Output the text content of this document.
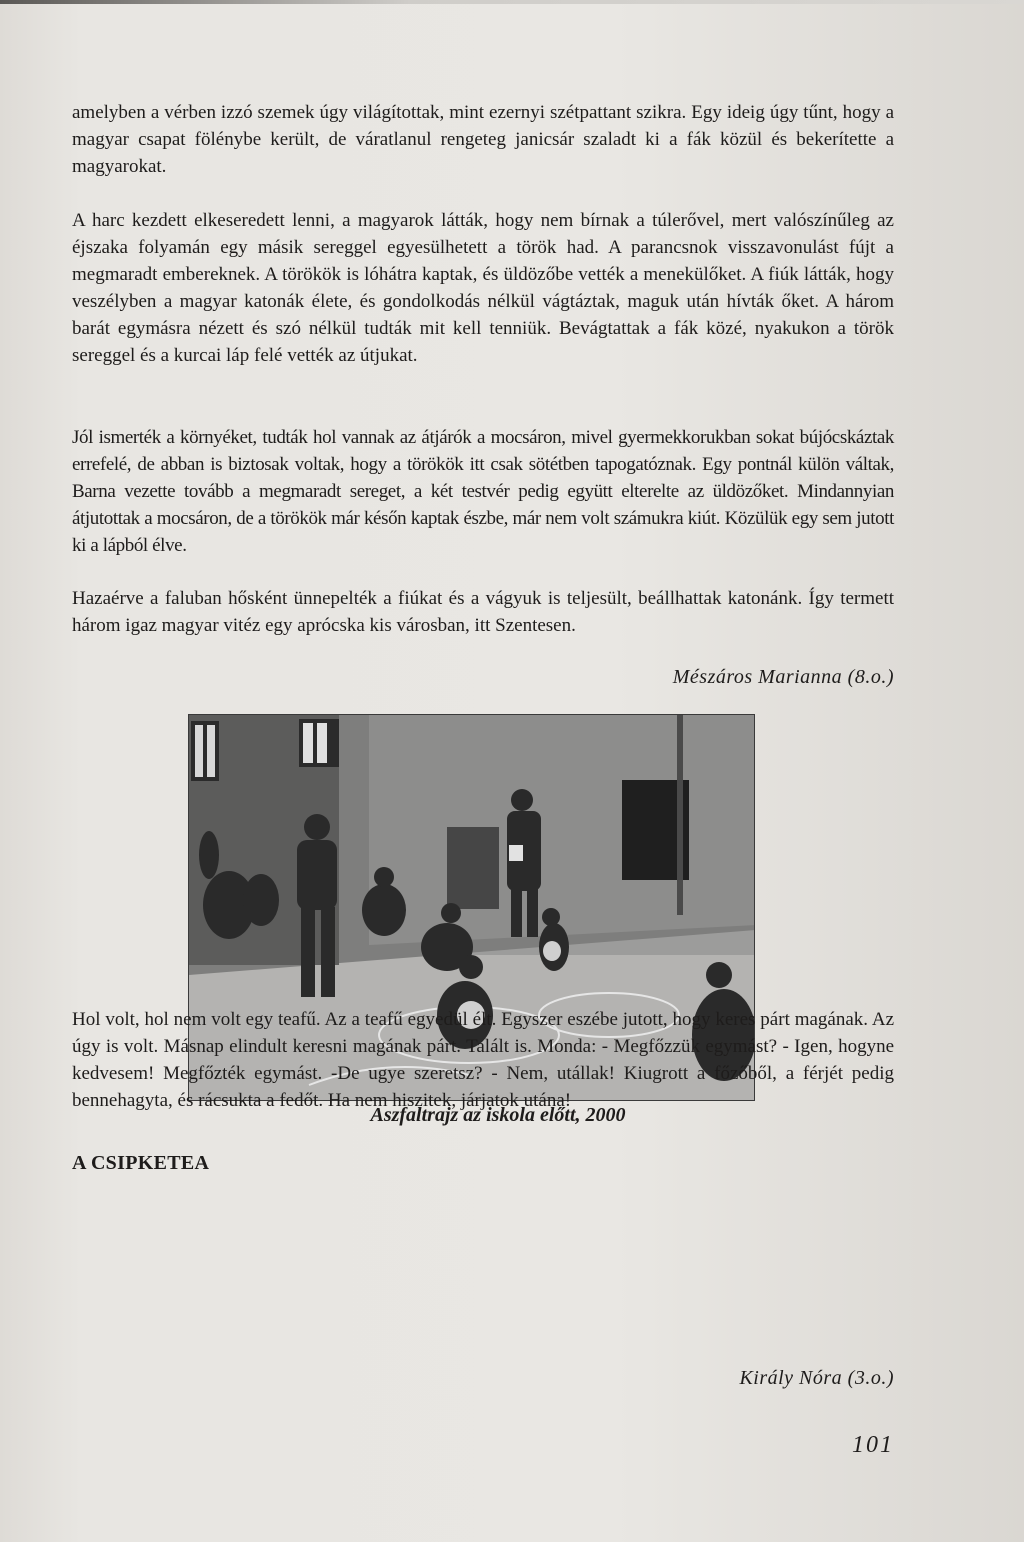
amelyben a vérben izzó szemek úgy világítottak, mint ezernyi szétpattant szikra. Egy ideig úgy tűnt, hogy a magyar csapat fölénybe került, de váratlanul rengeteg janicsár szaladt ki a fák közül és bekerítette a magyarokat.

A harc kezdett elkeseredett lenni, a magyarok látták, hogy nem bírnak a túlerővel, mert valószínűleg az éjszaka folyamán egy másik sereggel egyesülhetett a török had. A parancsnok visszavonulást fújt a megmaradt embereknek. A törökök is lóhátra kaptak, és üldözőbe vették a menekülőket. A fiúk látták, hogy veszélyben a magyar katonák élete, és gondolkodás nélkül vágtáztak, maguk után hívták őket. A három barát egymásra nézett és szó nélkül tudták mit kell tenniük. Bevágtattak a fák közé, nyakukon a török sereggel és a kurcai láp felé vették az útjukat.

Jól ismerték a környéket, tudták hol vannak az átjárók a mocsáron, mivel gyermekkorukban sokat bújócskáztak errefelé, de abban is biztosak voltak, hogy a törökök itt csak sötétben tapogatóznak. Egy pontnál külön váltak, Barna vezette tovább a megmaradt sereget, a két testvér pedig együtt elterelte az üldözőket. Mindannyian átjutottak a mocsáron, de a törökök már későn kaptak észbe, már nem volt számukra kiút. Közülük egy sem jutott ki a lápból élve.

Hazaérve a faluban hősként ünnepelték a fiúkat és a vágyuk is teljesült, beállhattak katonánk. Így termett három igaz magyar vitéz egy aprócska kis városban, itt Szentesen.

Mészáros Marianna (8.o.)
Aszfaltrajz az iskola előtt, 2000
A CSIPKETEA

Hol volt, hol nem volt egy teafű. Az a teafű egyedül élt. Egyszer eszébe jutott, hogy keres párt magának. Az úgy is volt. Másnap elindult keresni magának párt. Talált is. Monda: - Megfőzzük egymást? - Igen, hogyne kedvesem! Megfőzték egymást. -De ugye szeretsz? - Nem, utállak! Kiugrott a főzőből, a férjét pedig bennehagyta, és rácsukta a fedőt. Ha nem hiszitek, járjatok utána!

Király Nóra (3.o.)
101
